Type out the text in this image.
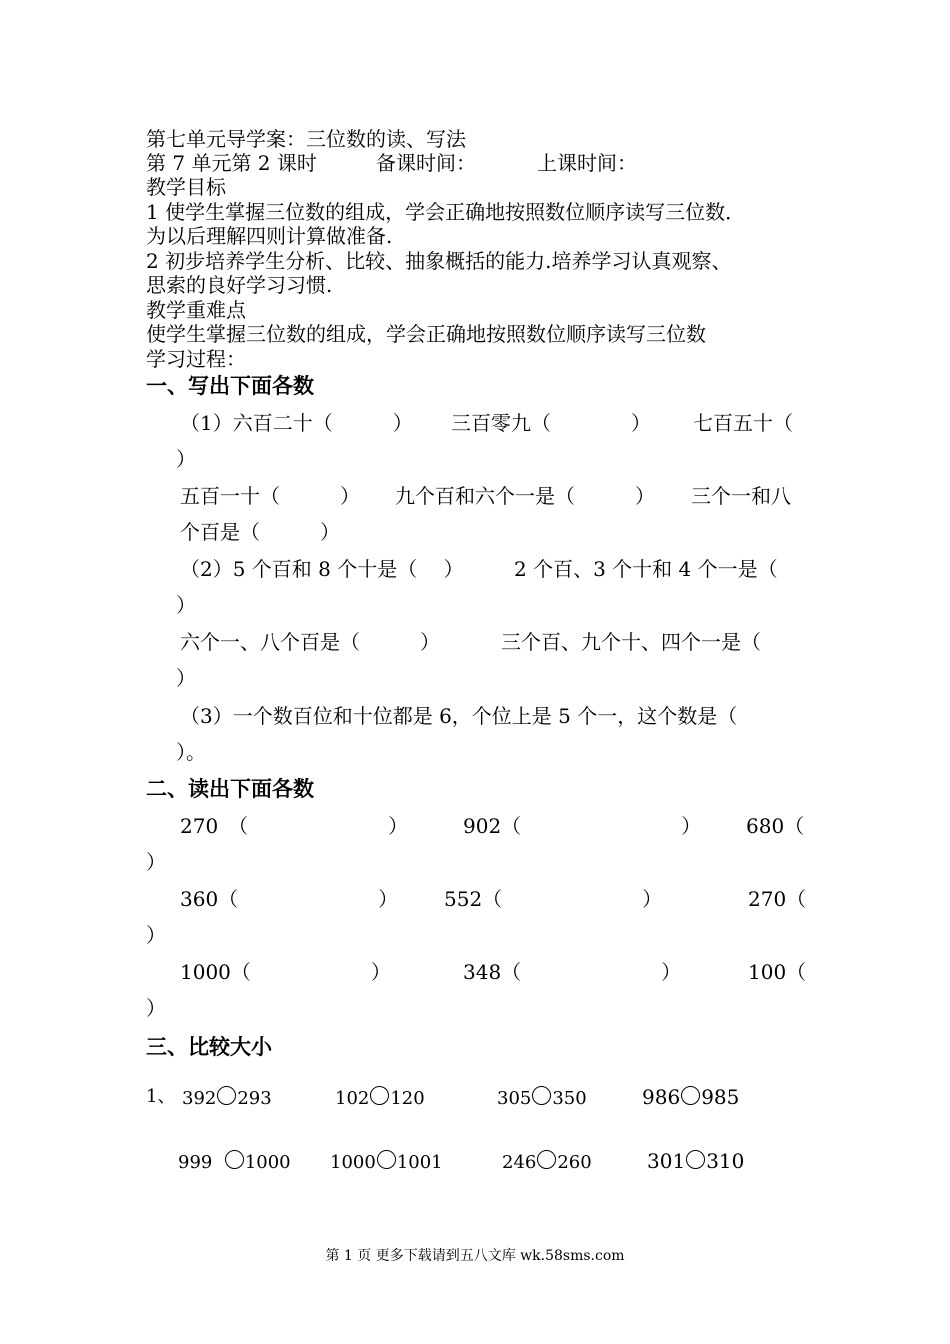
第七单元导学案：三位数的读、写法
第 7 单元第 2 课时	备课时间：	上课时间：
教学目标
1 使学生掌握三位数的组成，学会正确地按照数位顺序读写三位数．
为以后理解四则计算做准备.
2 初步培养学生分析、比较、抽象概括的能力.培养学习认真观察、
思索的良好学习习惯.
教学重难点
使学生掌握三位数的组成，学会正确地按照数位顺序读写三位数
学习过程：
一、写出下面各数
（1）六百二十（　　　） 三百零九（　　　　） 七百五十（
）
五百一十（　　　） 九个百和六个一是（　　　） 三个一和八
个百是（　　　）
（2）5 个百和 8 个十是（　 ）	2 个百、3 个十和 4 个一是（
）
六个一、八个百是（　　　）	三个百、九个十、四个一是（
）
（3）一个数百位和十位都是 6，个位上是 5 个一，这个数是（
）。
二、读出下面各数
270　（　　　　　　　）	902（　　　　　　　　） 680（
）
360（　　　　　　　） 552（　　　　　　　）	270（
）
1000（　　　　　　）	348（　　　　　　　）	100（
）
三、比较大小
1、 392 293	102 120	305 350	986 985
999 1000 1000 1001	246 260	301 310
第 1 页 更多下载请到五八文库 wk.58sms.com
